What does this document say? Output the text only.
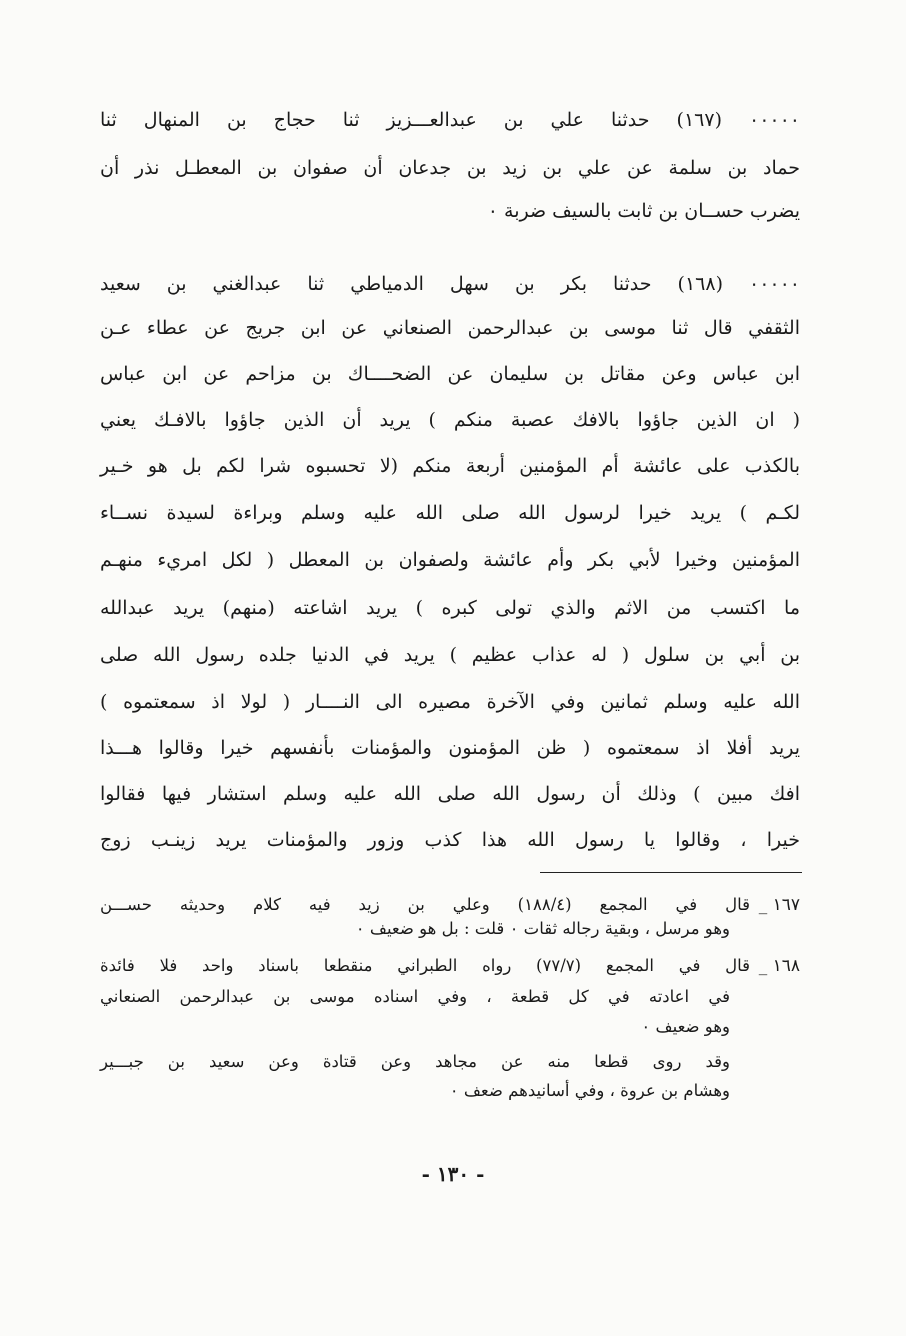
٠٠٠٠٠ (١٦٧) حدثنا علي بن عبدالعـــزيز ثنا حجاج بن المنهال ثنا
حماد بن سلمة عن علي بن زيد بن جدعان أن صفوان بن المعطـل نذر أن
يضرب حســان بن ثابت بالسيف ضربة ٠
٠٠٠٠٠ (١٦٨) حدثنا بكر بن سهل الدمياطي ثنا عبدالغني بن سعيد
الثقفي قال ثنا موسى بن عبدالرحمن الصنعاني عن ابن جريج عن عطاء عـن
ابن عباس وعن مقاتل بن سليمان عن الضحــــاك بن مزاحم عن ابن عباس
( ان الذين جاؤوا بالافك عصبة منكم ) يريد أن الذين جاؤوا بالافـك يعني
بالكذب على عائشة أم المؤمنين أربعة منكم (لا تحسبوه شرا لكم بل هو خـير
لكـم ) يريد خيرا لرسول الله صلى الله عليه وسلم وبراءة لسيدة نســاء
المؤمنين وخيرا لأبي بكر وأم عائشة ولصفوان بن المعطل ( لكل امريء منهـم
ما اكتسب من الاثم والذي تولى كبره ) يريد اشاعته (منهم) يريد عبدالله
بن أبي بن سلول ( له عذاب عظيم ) يريد في الدنيا جلده رسول الله صلى
الله عليه وسلم ثمانين وفي الآخرة مصيره الى النــــار ( لولا اذ سمعتموه )
يريد أفلا اذ سمعتموه ( ظن المؤمنون والمؤمنات بأنفسهم خيرا وقالوا هـــذا
افك مبين ) وذلك أن رسول الله صلى الله عليه وسلم استشار فيها فقالوا
خيرا ، وقالوا يا رسول الله هذا كذب وزور والمؤمنات يريد زينـب زوج
١٦٧ _
قال في المجمع (١٨٨/٤) وعلي بن زيد فيه كلام وحديثه حســـن
وهو مرسل ، وبقية رجاله ثقات ٠ قلت : بل هو ضعيف ٠
١٦٨ _
قال في المجمع (٧٧/٧) رواه الطبراني منقطعا باسناد واحد فلا فائدة
في اعادته في كل قطعة ، وفي اسناده موسى بن عبدالرحمن الصنعاني
وهو ضعيف ٠
وقد روى قطعا منه عن مجاهد وعن قتادة وعن سعيد بن جبـــير
وهشام بن عروة ، وفي أسانيدهم ضعف ٠
- ١٣٠ -
